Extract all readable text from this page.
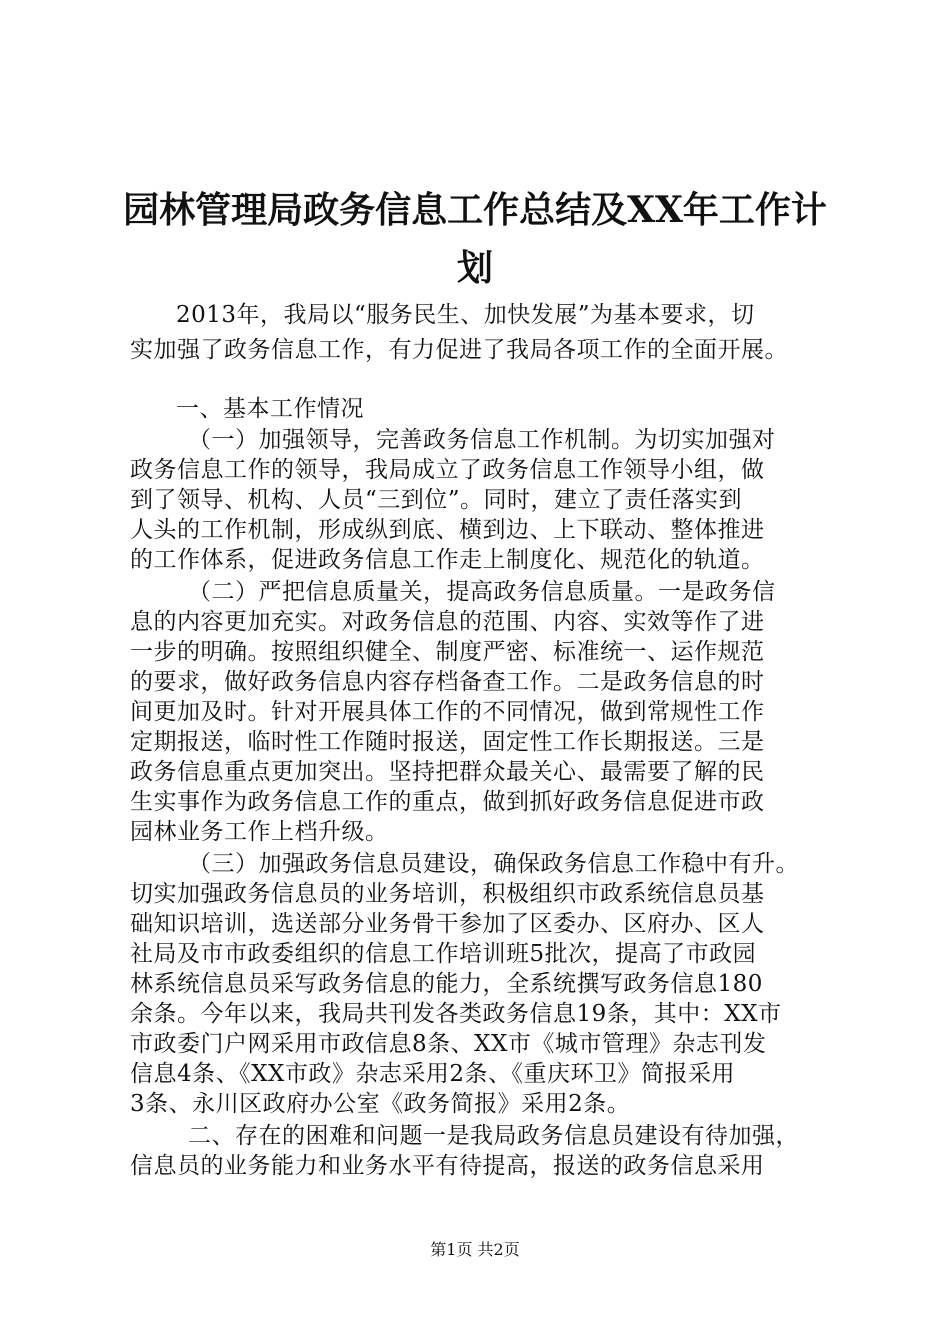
园林管理局政务信息工作总结及XX年工作计
划
2013年，我局以“服务民生、加快发展”为基本要求，切
实加强了政务信息工作，有力促进了我局各项工作的全面开展。
一、基本工作情况
（一）加强领导，完善政务信息工作机制。为切实加强对
政务信息工作的领导，我局成立了政务信息工作领导小组，做
到了领导、机构、人员“三到位”。同时，建立了责任落实到
人头的工作机制，形成纵到底、横到边、上下联动、整体推进
的工作体系，促进政务信息工作走上制度化、规范化的轨道。
（二）严把信息质量关，提高政务信息质量。一是政务信
息的内容更加充实。对政务信息的范围、内容、实效等作了进
一步的明确。按照组织健全、制度严密、标准统一、运作规范
的要求，做好政务信息内容存档备查工作。二是政务信息的时
间更加及时。针对开展具体工作的不同情况，做到常规性工作
定期报送，临时性工作随时报送，固定性工作长期报送。三是
政务信息重点更加突出。坚持把群众最关心、最需要了解的民
生实事作为政务信息工作的重点，做到抓好政务信息促进市政
园林业务工作上档升级。
（三）加强政务信息员建设，确保政务信息工作稳中有升。
切实加强政务信息员的业务培训，积极组织市政系统信息员基
础知识培训，选送部分业务骨干参加了区委办、区府办、区人
社局及市市政委组织的信息工作培训班5批次，提高了市政园
林系统信息员采写政务信息的能力，全系统撰写政务信息180
余条。今年以来，我局共刊发各类政务信息19条，其中：XX市
市政委门户网采用市政信息8条、XX市《城市管理》杂志刊发
信息4条、《XX市政》杂志采用2条、《重庆环卫》简报采用
3条、永川区政府办公室《政务简报》采用2条。
二、存在的困难和问题一是我局政务信息员建设有待加强，
信息员的业务能力和业务水平有待提高，报送的政务信息采用
第1页 共2页
